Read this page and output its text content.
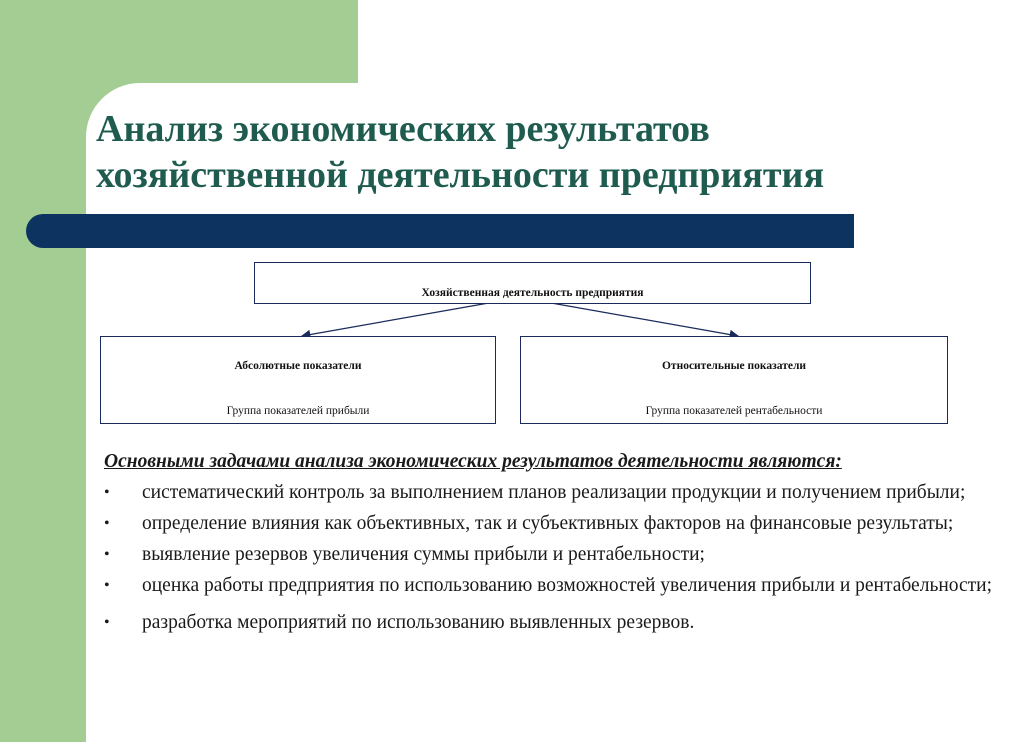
Анализ экономических результатов
хозяйственной деятельности предприятия
Хозяйственная деятельность предприятия
Абсолютные показатели
Группа показателей прибыли
Относительные показатели
Группа показателей рентабельности

Основными задачами анализа экономических результатов деятельности являются:

• систематический контроль за выполнением планов реализации продукции и получением прибыли;
• определение влияния как объективных, так и субъективных факторов на финансовые результаты;
• выявление резервов увеличения суммы прибыли и рентабельности;
• оценка работы предприятия по использованию возможностей увеличения прибыли и рентабельности;
• разработка мероприятий по использованию выявленных резервов.
